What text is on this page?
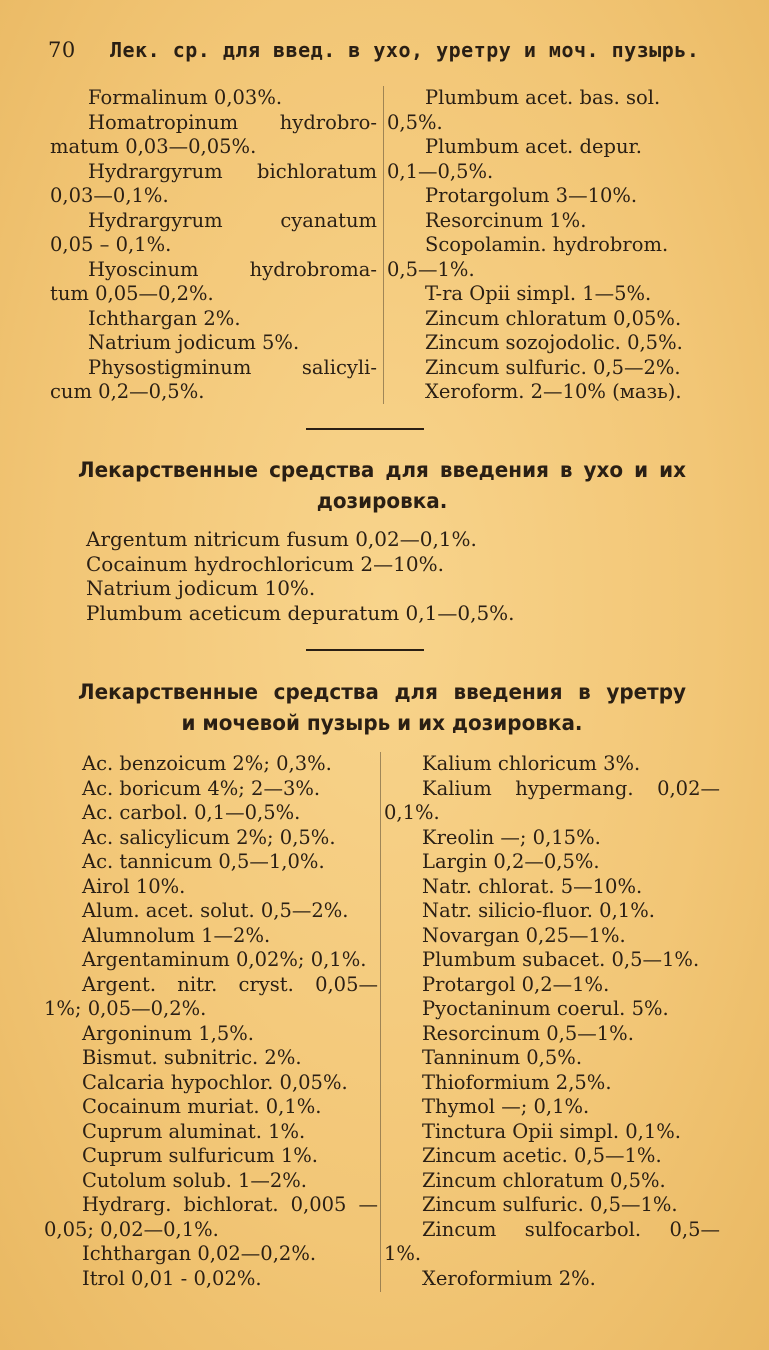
70 Лек. ср. для введ. в ухо, уретру и моч. пузырь.
Formalinum 0,03%.
Homatropinum hydrobro-
matum 0,03—0,05%.
Hydrargyrum bichloratum
0,03—0,1%.
Hydrargyrum cyanatum
0,05 – 0,1%.
Hyoscinum hydrobroma-
tum 0,05—0,2%.
Ichthargan 2%.
Natrium jodicum 5%.
Physostigminum salicyli-
cum 0,2—0,5%.
Plumbum acet. bas. sol.
0,5%.
Plumbum acet. depur.
0,1—0,5%.
Protargolum 3—10%.
Resorcinum 1%.
Scopolamin. hydrobrom.
0,5—1%.
T-ra Opii simpl. 1—5%.
Zincum chloratum 0,05%.
Zincum sozojodolic. 0,5%.
Zincum sulfuric. 0,5—2%.
Xeroform. 2—10% (мазь).
Лекарственные средства для введения в ухо и их
дозировка.
Argentum nitricum fusum 0,02—0,1%.
Cocainum hydrochloricum 2—10%.
Natrium jodicum 10%.
Plumbum aceticum depuratum 0,1—0,5%.
Лекарственные средства для введения в уретру
и мочевой пузырь и их дозировка.
Ac. benzoicum 2%; 0,3%.
Ac. boricum 4%; 2—3%.
Ac. carbol. 0,1—0,5%.
Ac. salicylicum 2%; 0,5%.
Ac. tannicum 0,5—1,0%.
Airol 10%.
Alum. acet. solut. 0,5—2%.
Alumnolum 1—2%.
Argentaminum 0,02%; 0,1%.
Argent. nitr. cryst. 0,05—
1%; 0,05—0,2%.
Argoninum 1,5%.
Bismut. subnitric. 2%.
Calcaria hypochlor. 0,05%.
Cocainum muriat. 0,1%.
Cuprum aluminat. 1%.
Cuprum sulfuricum 1%.
Cutolum solub. 1—2%.
Hydrarg. bichlorat. 0,005 —
0,05; 0,02—0,1%.
Ichthargan 0,02—0,2%.
Itrol 0,01 - 0,02%.
Kalium chloricum 3%.
Kalium hypermang. 0,02—
0,1%.
Kreolin —; 0,15%.
Largin 0,2—0,5%.
Natr. chlorat. 5—10%.
Natr. silicio-fluor. 0,1%.
Novargan 0,25—1%.
Plumbum subacet. 0,5—1%.
Protargol 0,2—1%.
Pyoctaninum coerul. 5%.
Resorcinum 0,5—1%.
Tanninum 0,5%.
Thioformium 2,5%.
Thymol —; 0,1%.
Tinctura Opii simpl. 0,1%.
Zincum acetic. 0,5—1%.
Zincum chloratum 0,5%.
Zincum sulfuric. 0,5—1%.
Zincum sulfocarbol. 0,5—
1%.
Xeroformium 2%.
